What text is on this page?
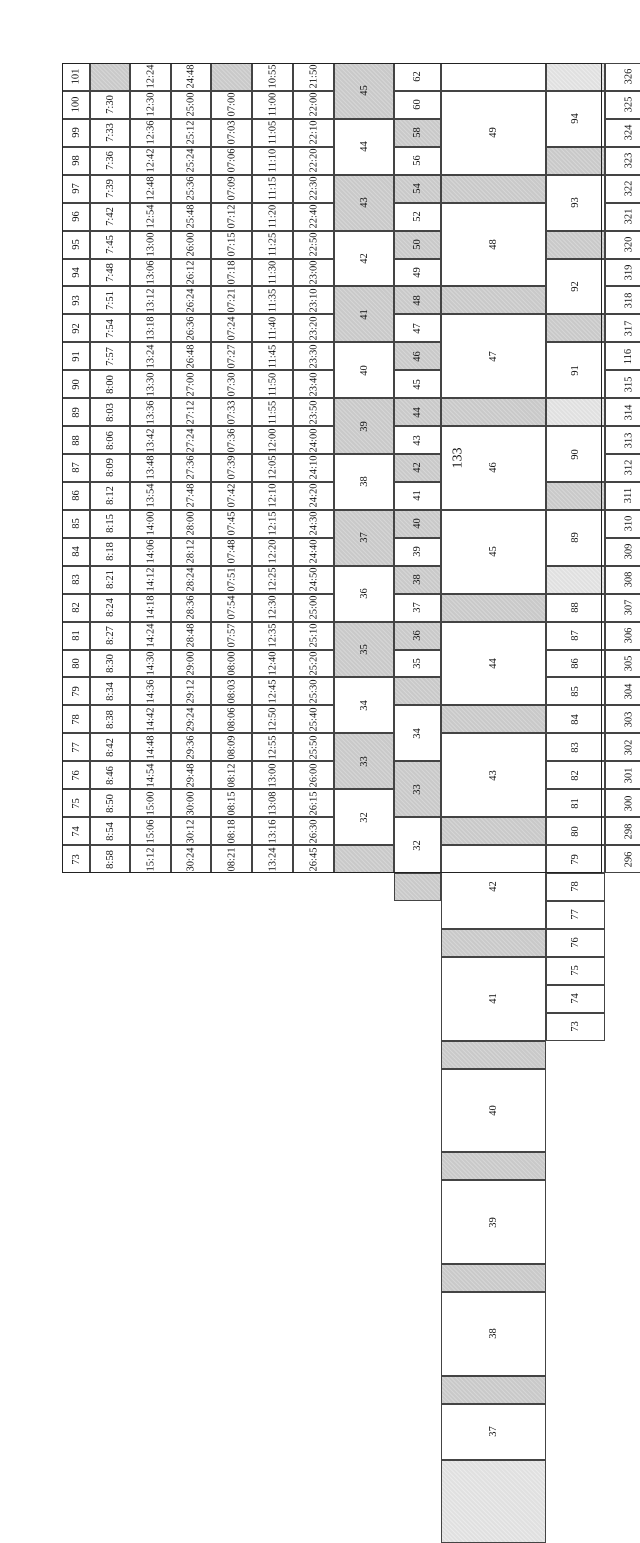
133
101
100
99
98
97
96
95
94
93
92
91
90
89
88
87
86
85
84
83
82
81
80
79
78
77
76
75
74
73
7:30
7:33
7:36
7:39
7:42
7:45
7:48
7:51
7:54
7:57
8:00
8:03
8:06
8:09
8:12
8:15
8:18
8:21
8:24
8:27
8:30
8:34
8:38
8:42
8:46
8:50
8:54
8:58
12:24
12:30
12:36
12:42
12:48
12:54
13:00
13:06
13:12
13:18
13:24
13:30
13:36
13:42
13:48
13:54
14:00
14:06
14:12
14:18
14:24
14:30
14:36
14:42
14:48
14:54
15:00
15:06
15:12
24:48
25:00
25:12
25:24
25:36
25:48
26:00
26:12
26:24
26:36
26:48
27:00
27:12
27:24
27:36
27:48
28:00
28:12
28:24
28:36
28:48
29:00
29:12
29:24
29:36
29:48
30:00
30:12
30:24
07:00
07:03
07:06
07:09
07:12
07:15
07:18
07:21
07:24
07:27
07:30
07:33
07:36
07:39
07:42
07:45
07:48
07:51
07:54
07:57
08:00
08:03
08:06
08:09
08:12
08:15
08:18
08:21
10:55
11:00
11:05
11:10
11:15
11:20
11:25
11:30
11:35
11:40
11:45
11:50
11:55
12:00
12:05
12:10
12:15
12:20
12:25
12:30
12:35
12:40
12:45
12:50
12:55
13:00
13:08
13:16
13:24
21:50
22:00
22:10
22:20
22:30
22:40
22:50
23:00
23:10
23:20
23:30
23:40
23:50
24:00
24:10
24:20
24:30
24:40
24:50
25:00
25:10
25:20
25:30
25:40
25:50
26:00
26:15
26:30
26:45
45
44
43
42
41
40
39
38
37
36
35
34
33
32
62
60
58
56
54
52
50
49
48
47
46
45
44
43
42
41
40
39
38
37
36
35
34
33
32
49
48
47
46
45
44
43
42
41
40
39
38
37
94
93
92
91
90
89
88
87
86
85
84
83
82
81
80
79
78
77
76
75
74
73
326
325
324
323
322
321
320
319
318
317
116
315
314
313
312
311
310
309
308
307
306
305
304
303
302
301
300
298
296
